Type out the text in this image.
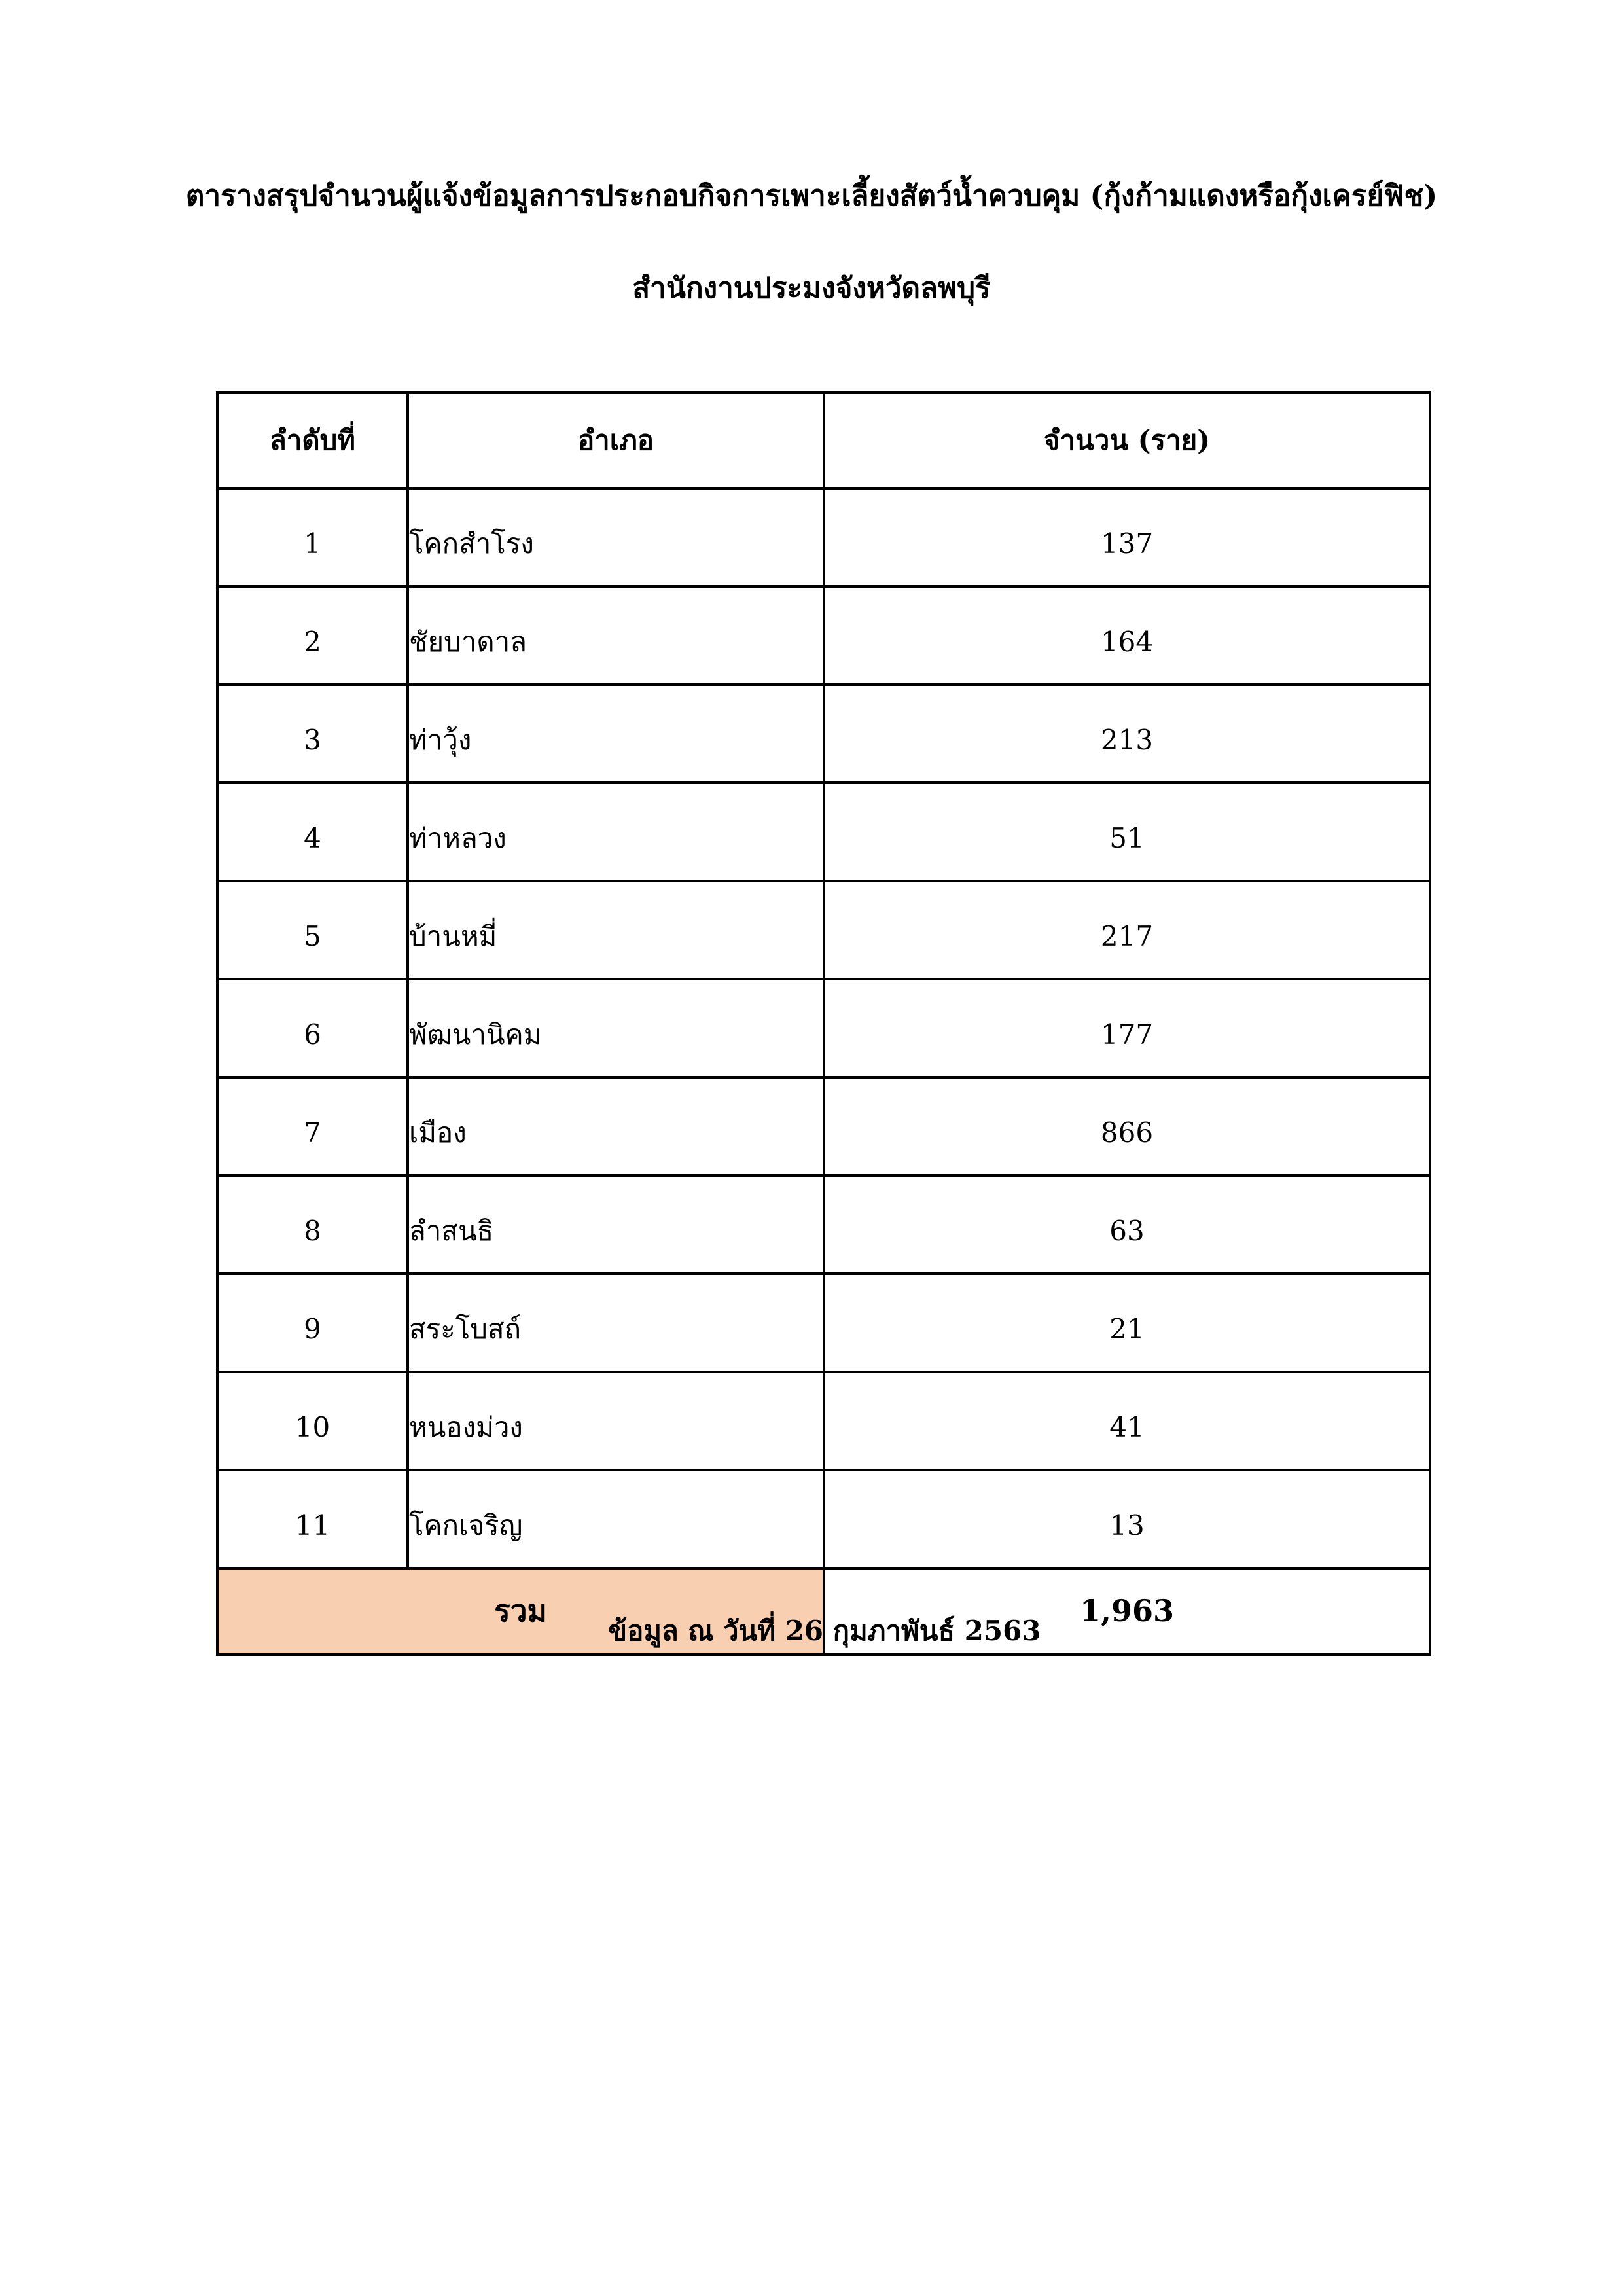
ตารางสรุปจำนวนผู้แจ้งข้อมูลการประกอบกิจการเพาะเลี้ยงสัตว์น้ำควบคุม (กุ้งก้ามแดงหรือกุ้งเครย์ฟิช)
สำนักงานประมงจังหวัดลพบุรี
ลำดับที่	อำเภอ	จำนวน (ราย)
1	โคกสำโรง	137
2	ชัยบาดาล	164
3	ท่าวุ้ง	213
4	ท่าหลวง	51
5	บ้านหมี่	217
6	พัฒนานิคม	177
7	เมือง	866
8	ลำสนธิ	63
9	สระโบสถ์	21
10	หนองม่วง	41
11	โคกเจริญ	13
รวม		1,963
ข้อมูล ณ วันที่ 26 กุมภาพันธ์ 2563
